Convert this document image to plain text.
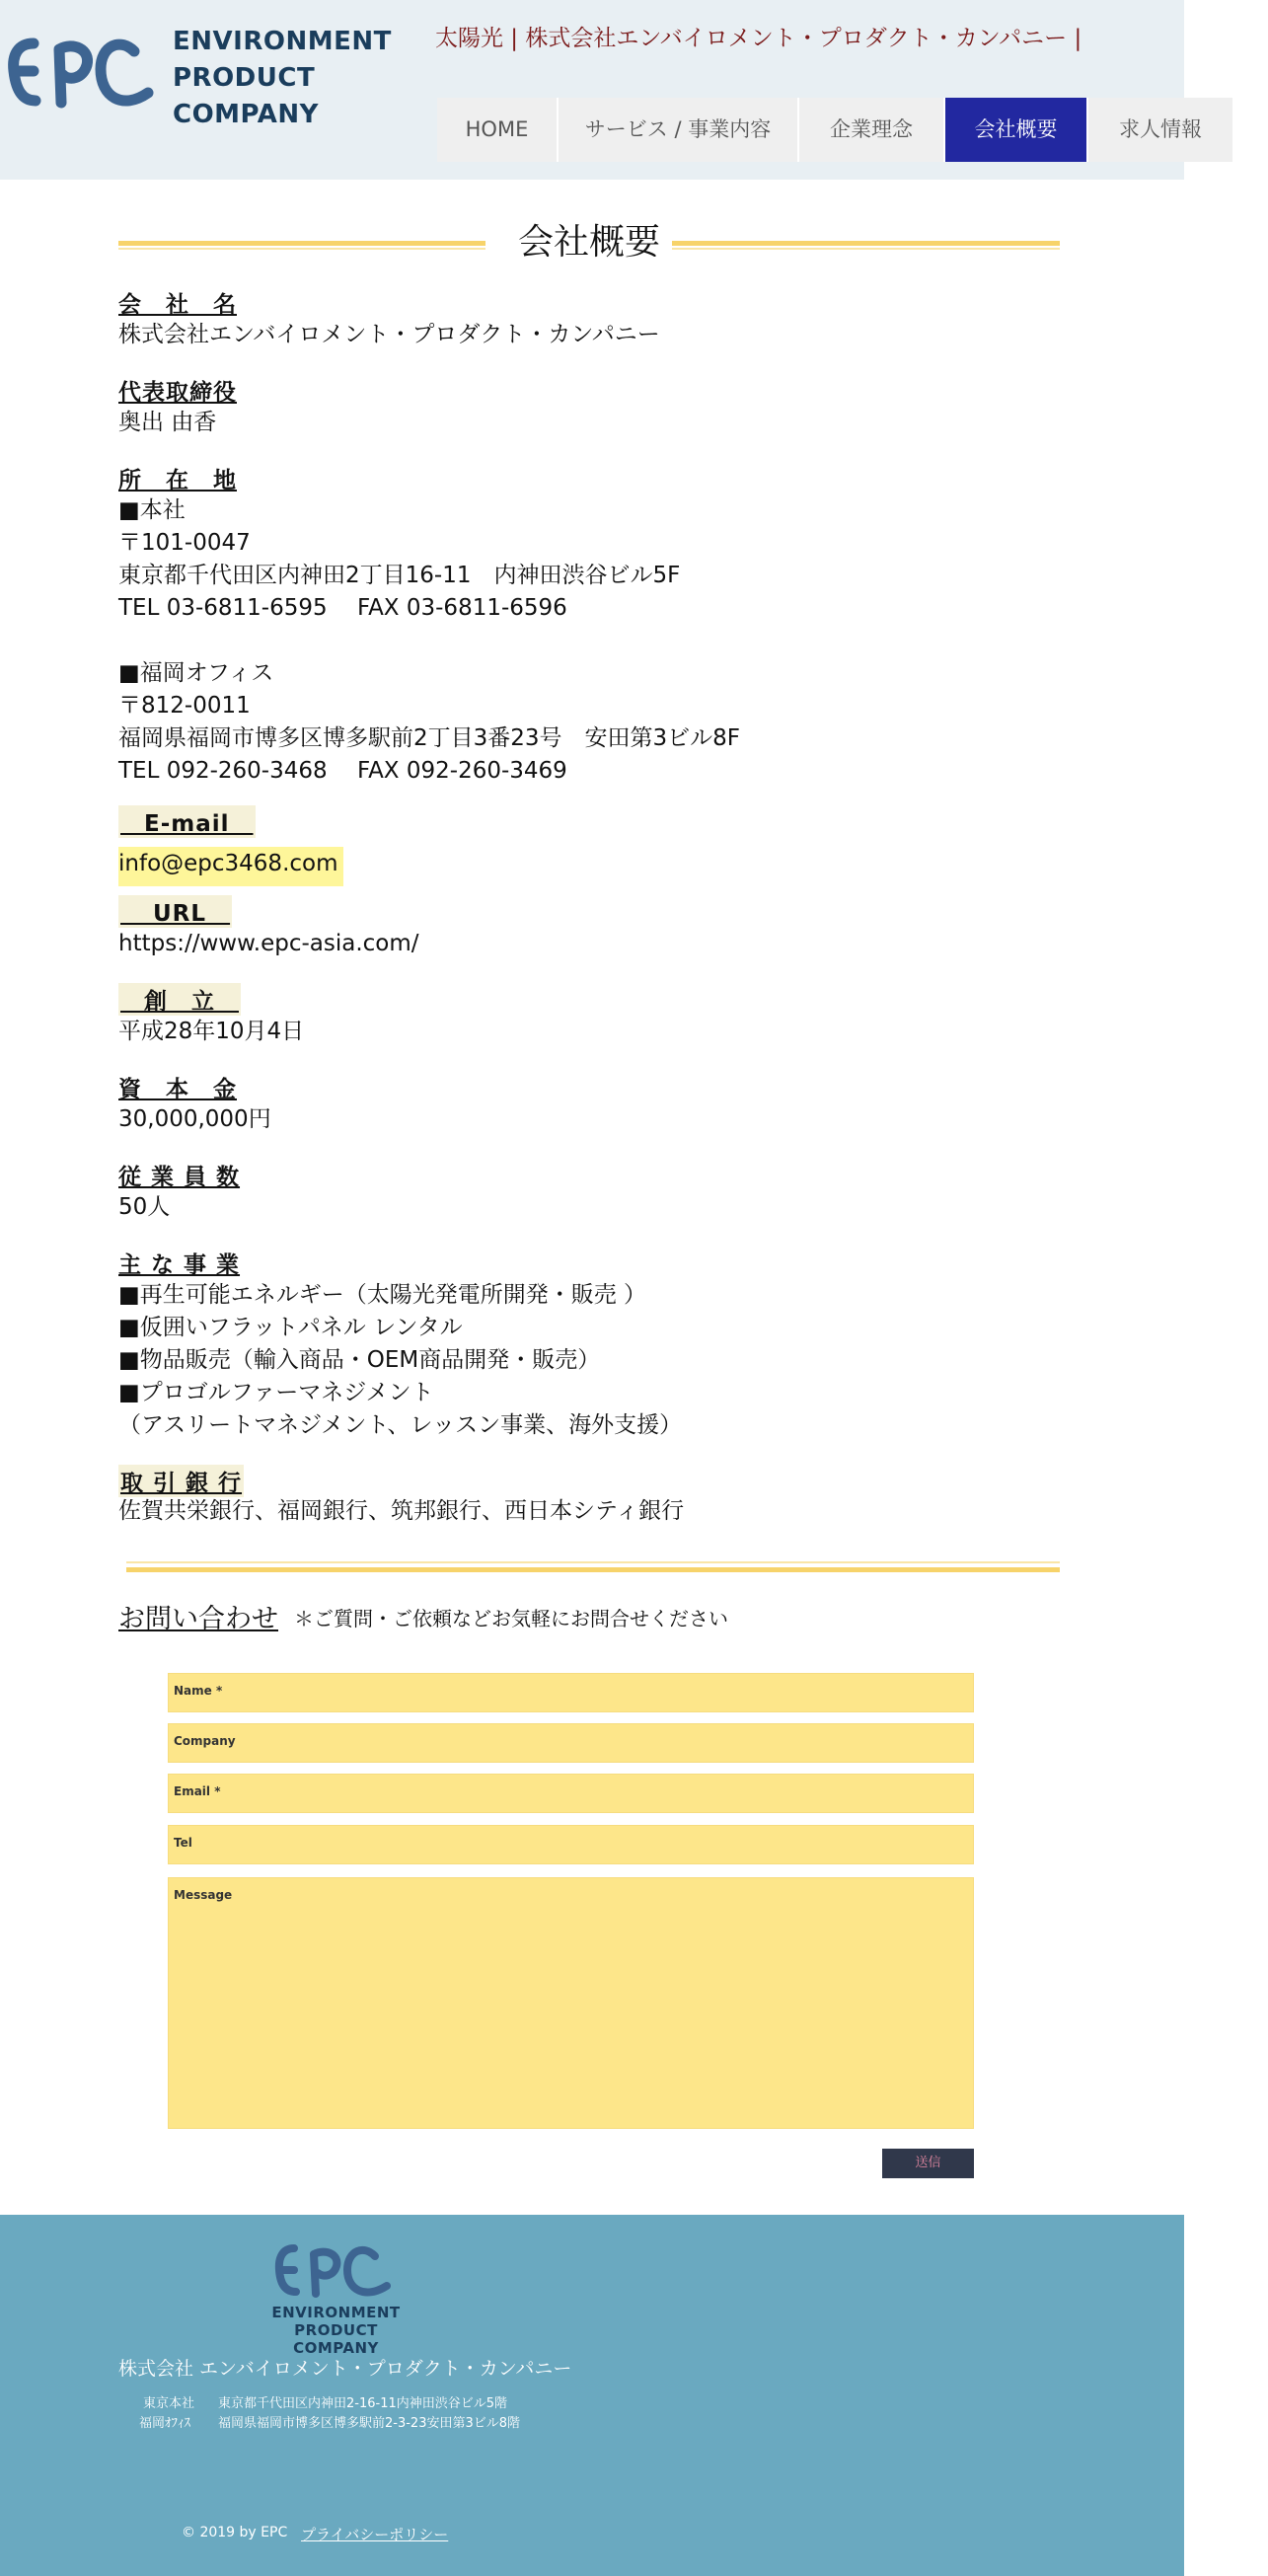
ENVIRONMENT
PRODUCT
COMPANY
太陽光 | 株式会社エンバイロメント・プロダクト・カンパニー |
HOME	サービス / 事業内容	企業理念	会社概要	求人情報
会社概要
会　社　名
株式会社エンバイロメント・プロダクト・カンパニー
代表取締役
奥出 由香
所　在　地
■本社
〒101-0047
東京都千代田区内神田2丁目16-11　内神田渋谷ビル5F
TEL 03-6811-6595　 FAX 03-6811-6596
■福岡オフィス
〒812-0011
福岡県福岡市博多区博多駅前2丁目3番23号　安田第3ビル8F
TEL 092-260-3468　 FAX 092-260-3469
　E-mail　
info@epc3468.com
　 URL　
https://www.epc-asia.com/
　創　立　
平成28年10月4日
資　本　金
30,000,000円
従 業 員 数
50人
主 な 事 業
■再生可能エネルギー（太陽光発電所開発・販売 ）
■仮囲いフラットパネル レンタル
■物品販売（輸入商品・OEM商品開発・販売）
■プロゴルファーマネジメント
（アスリートマネジメント、レッスン事業、海外支援）
取 引 銀 行
佐賀共栄銀行、福岡銀行、筑邦銀行、西日本シティ銀行
お問い合わせ ＊ご質問・ご依頼などお気軽にお問合せください
Name *
Company
Email *
Tel
Message
送信
ENVIRONMENT
PRODUCT
COMPANY
株式会社 エンバイロメント・プロダクト・カンパニー
東京本社 東京都千代田区内神田2-16-11内神田渋谷ビル5階
福岡ｵﾌｨｽ 福岡県福岡市博多区博多駅前2-3-23安田第3ビル8階
© 2019 by EPC プライバシーポリシー
